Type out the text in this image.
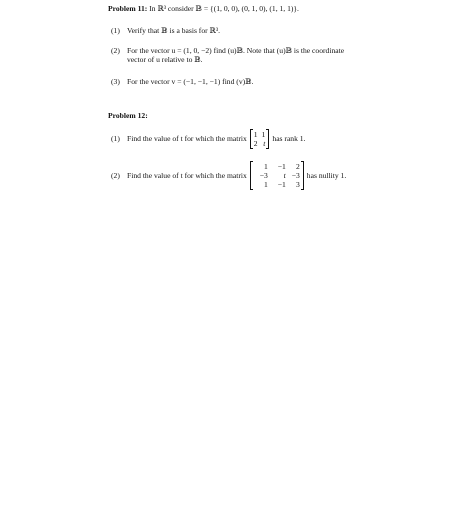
Problem 11: In ℝ³ consider 𝔹 = {(1, 0, 0), (0, 1, 0), (1, 1, 1)}.
(1) Verify that 𝔹 is a basis for ℝ³.
(2) For the vector u = (1, 0, −2) find (u)𝔹. Note that (u)𝔹 is the coordinate
vector of u relative to 𝔹.
(3) For the vector v = (−1, −1, −1) find (v)𝔹.
Problem 12:
(1) Find the value of t for which the matrix 1 1
2 t
has rank 1.
(2) Find the value of t for which the matrix
1	−1	2
−3	t −3
1	−1	3
has nullity 1.
